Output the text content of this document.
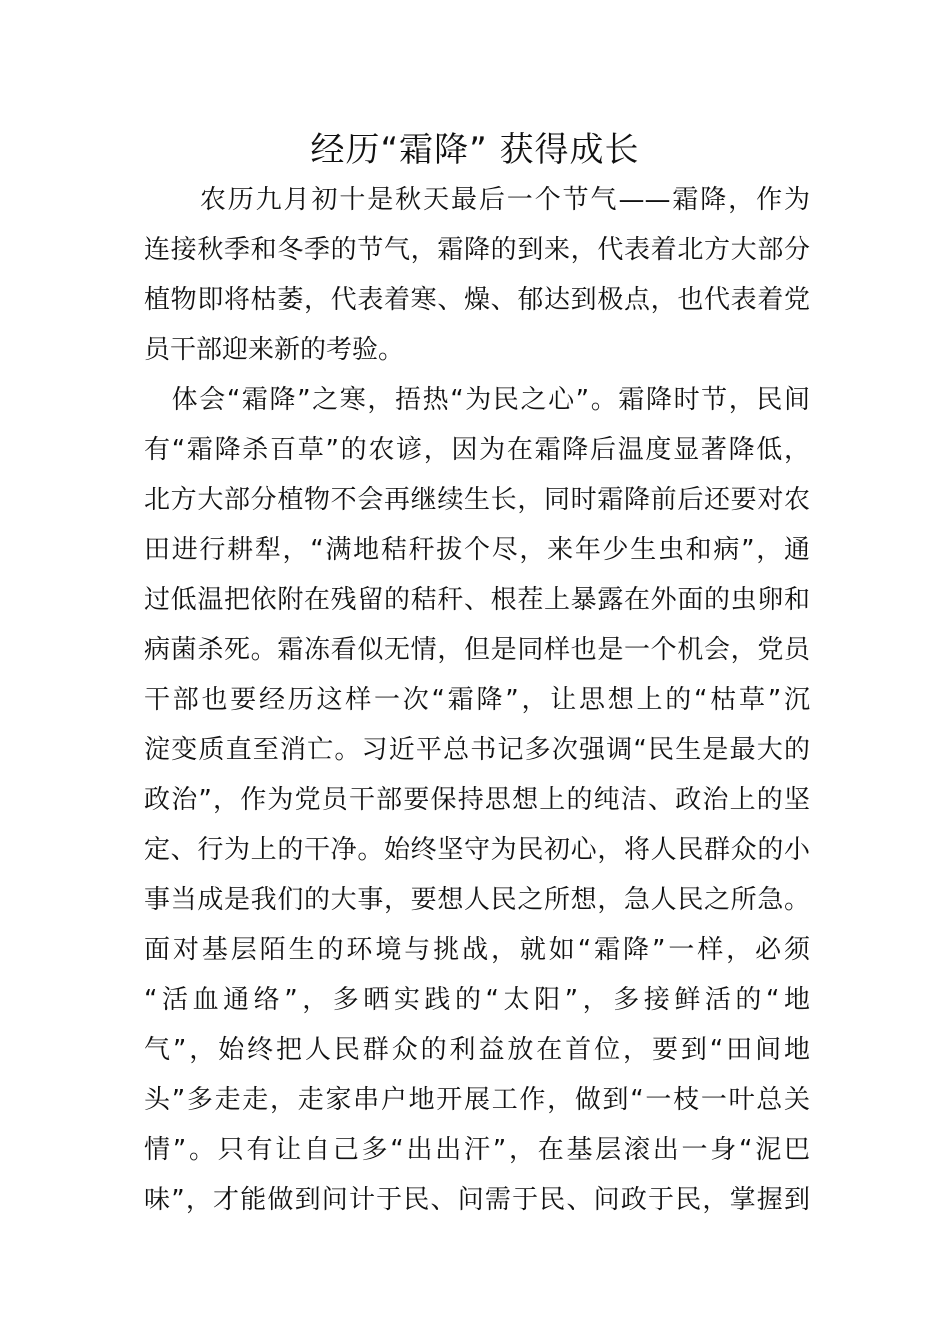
经历“霜降” 获得成长
　　农历九月初十是秋天最后一个节气——霜降，作为
连接秋季和冬季的节气，霜降的到来，代表着北方大部分
植物即将枯萎，代表着寒、燥、郁达到极点，也代表着党
员干部迎来新的考验。
　体会“霜降”之寒，捂热“为民之心”。霜降时节，民间
有“霜降杀百草”的农谚，因为在霜降后温度显著降低，
北方大部分植物不会再继续生长，同时霜降前后还要对农
田进行耕犁，“满地秸秆拔个尽，来年少生虫和病”，通
过低温把依附在残留的秸秆、根茬上暴露在外面的虫卵和
病菌杀死。霜冻看似无情，但是同样也是一个机会，党员
干部也要经历这样一次“霜降”，让思想上的“枯草”沉
淀变质直至消亡。习近平总书记多次强调“民生是最大的
政治”，作为党员干部要保持思想上的纯洁、政治上的坚
定、行为上的干净。始终坚守为民初心，将人民群众的小
事当成是我们的大事，要想人民之所想，急人民之所急。
面对基层陌生的环境与挑战，就如“霜降”一样，必须
“活血通络”，多晒实践的“太阳”，多接鲜活的“地
气”，始终把人民群众的利益放在首位，要到“田间地
头”多走走，走家串户地开展工作，做到“一枝一叶总关
情”。只有让自己多“出出汗”，在基层滚出一身“泥巴
味”，才能做到问计于民、问需于民、问政于民，掌握到
